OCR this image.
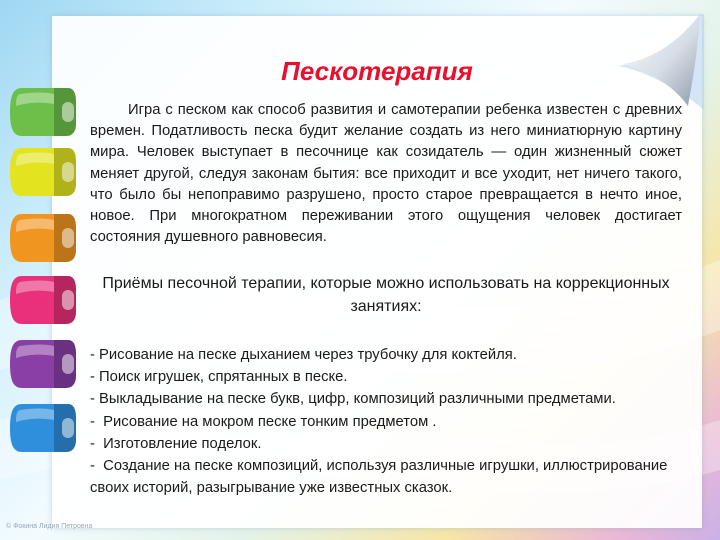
Пескотерапия

Игра с песком как способ развития и самотерапии ребенка известен с древних времен. Податливость песка будит желание создать из него миниатюрную картину мира. Человек выступает в песочнице как созидатель — один жизненный сюжет меняет другой, следуя законам бытия: все приходит и все уходит, нет ничего такого, что было бы непоправимо разрушено, просто старое превращается в нечто иное, новое. При многократном переживании этого ощущения человек достигает состояния душевного равновесия.

Приёмы песочной терапии, которые можно использовать на коррекционных занятиях:

- Рисование на песке дыханием через трубочку для коктейля.
- Поиск игрушек, спрятанных в песке.
- Выкладывание на песке букв, цифр, композиций различными предметами.
-  Рисование на мокром песке тонким предметом .
-  Изготовление поделок.
-  Создание на песке композиций, используя различные игрушки, иллюстрирование своих историй, разыгрывание уже известных сказок.
© Фокина Лидия Петровна
